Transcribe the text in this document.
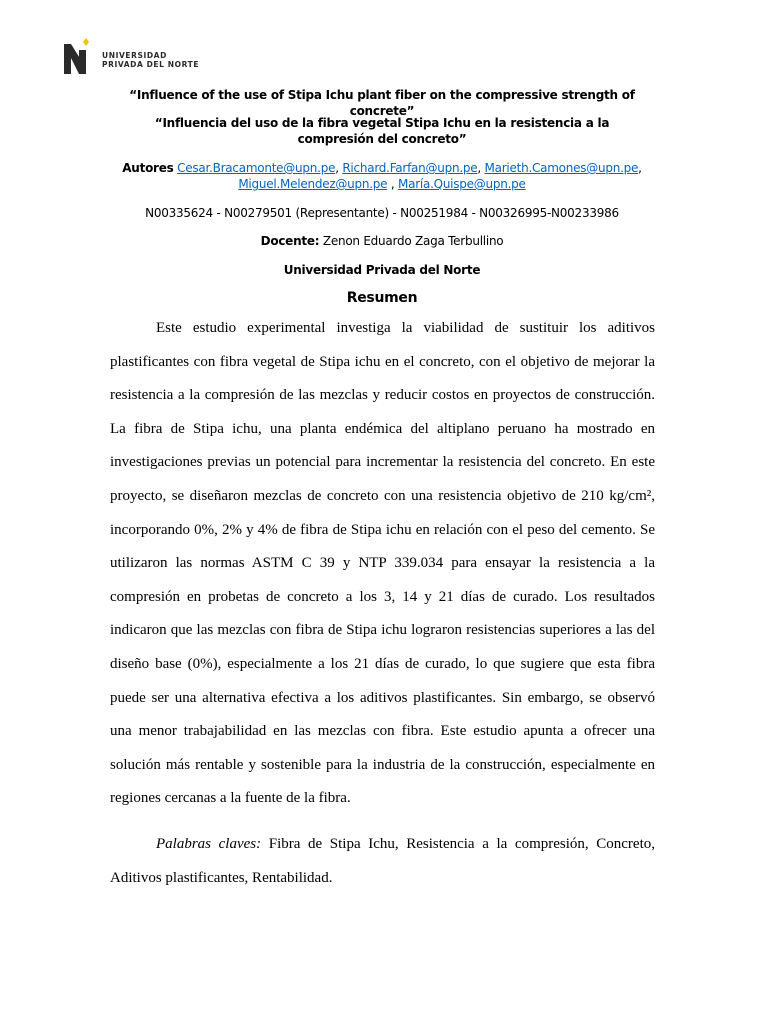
UNIVERSIDAD
PRIVADA DEL NORTE
“Influence of the use of Stipa Ichu plant fiber on the compressive strength of concrete”
“Influencia del uso de la fibra vegetal Stipa Ichu en la resistencia a la compresión del concreto”
Autores Cesar.Bracamonte@upn.pe, Richard.Farfan@upn.pe, Marieth.Camones@upn.pe, Miguel.Melendez@upn.pe , María.Quispe@upn.pe
N00335624 - N00279501 (Representante) - N00251984 - N00326995-N00233986
Docente: Zenon Eduardo Zaga Terbullino
Universidad Privada del Norte
Resumen

Este estudio experimental investiga la viabilidad de sustituir los aditivos plastificantes con fibra vegetal de Stipa ichu en el concreto, con el objetivo de mejorar la resistencia a la compresión de las mezclas y reducir costos en proyectos de construcción. La fibra de Stipa ichu, una planta endémica del altiplano peruano ha mostrado en investigaciones previas un potencial para incrementar la resistencia del concreto. En este proyecto, se diseñaron mezclas de concreto con una resistencia objetivo de 210 kg/cm², incorporando 0%, 2% y 4% de fibra de Stipa ichu en relación con el peso del cemento. Se utilizaron las normas ASTM C 39 y NTP 339.034 para ensayar la resistencia a la compresión en probetas de concreto a los 3, 14 y 21 días de curado. Los resultados indicaron que las mezclas con fibra de Stipa ichu lograron resistencias superiores a las del diseño base (0%), especialmente a los 21 días de curado, lo que sugiere que esta fibra puede ser una alternativa efectiva a los aditivos plastificantes. Sin embargo, se observó una menor trabajabilidad en las mezclas con fibra. Este estudio apunta a ofrecer una solución más rentable y sostenible para la industria de la construcción, especialmente en regiones cercanas a la fuente de la fibra.

Palabras claves: Fibra de Stipa Ichu, Resistencia a la compresión, Concreto, Aditivos plastificantes, Rentabilidad.
